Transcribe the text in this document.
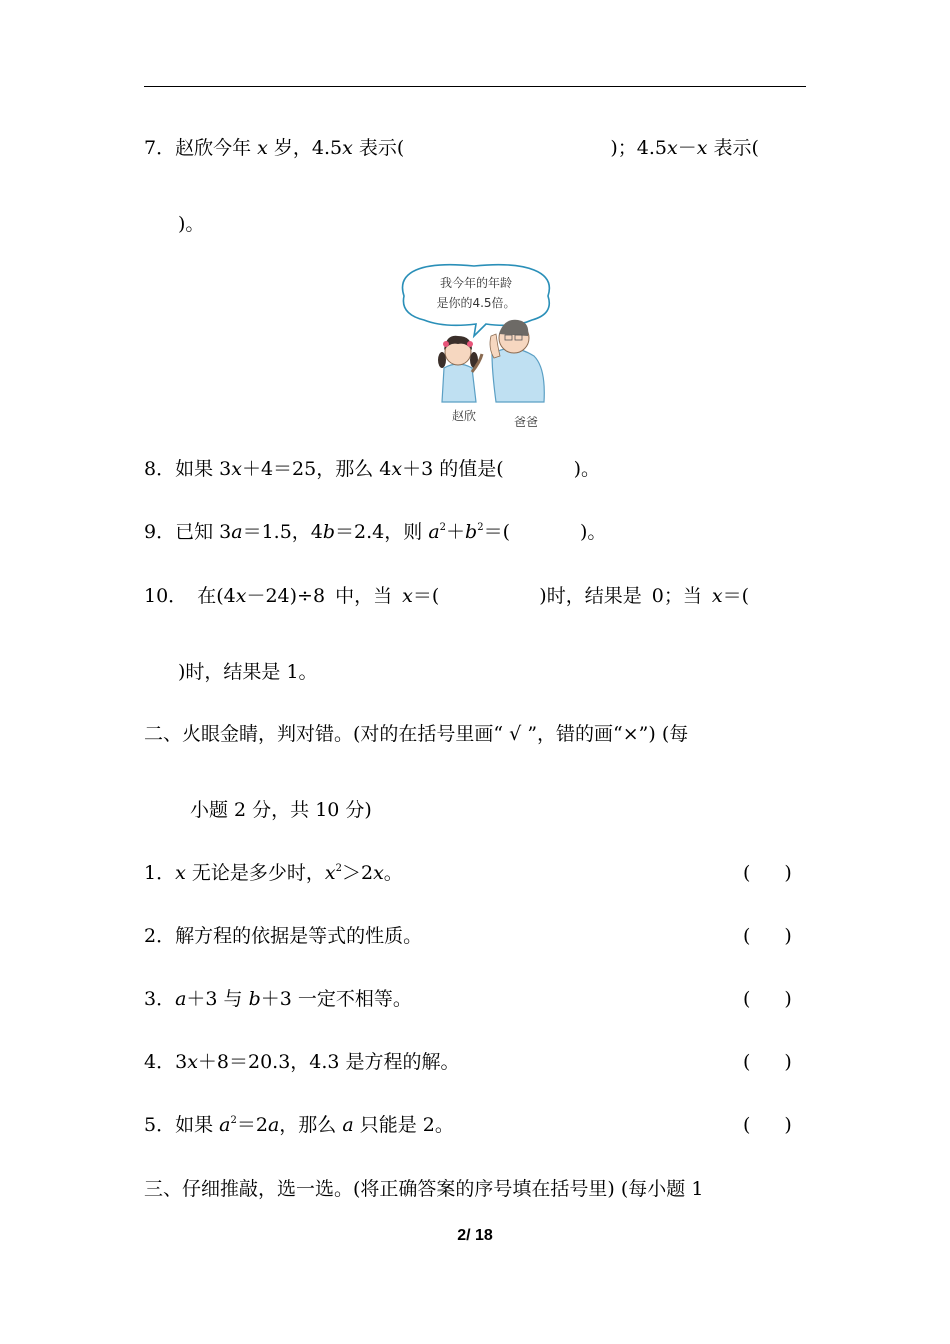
7．赵欣今年 x 岁，4.5x 表示(	)；4.5x－x 表示(
)。
我今年的年龄
是你的4.5倍。
赵欣	爸爸
8．如果 3x＋4＝25，那么 4x＋3 的值是(	)。
9．已知 3a＝1.5，4b＝2.4，则 $a^2+b^2=$(	)。
10． 在(4x－24)÷8 中，当 x＝(	)时，结果是 0；当 x＝(
)时，结果是 1。
二、火眼金睛，判对错。(对的在括号里画“ √ ”，错的画“×”) (每
小题 2 分，共 10 分)
1．x 无论是多少时，$x^2>2x$。	( )
2．解方程的依据是等式的性质。	( )
3．a＋3 与 b＋3 一定不相等。	( )
4．3x＋8＝20.3，4.3 是方程的解。	( )
5．如果 $a^2=2a$，那么 a 只能是 2。	( )
三、仔细推敲，选一选。(将正确答案的序号填在括号里) (每小题 1
2/ 18
